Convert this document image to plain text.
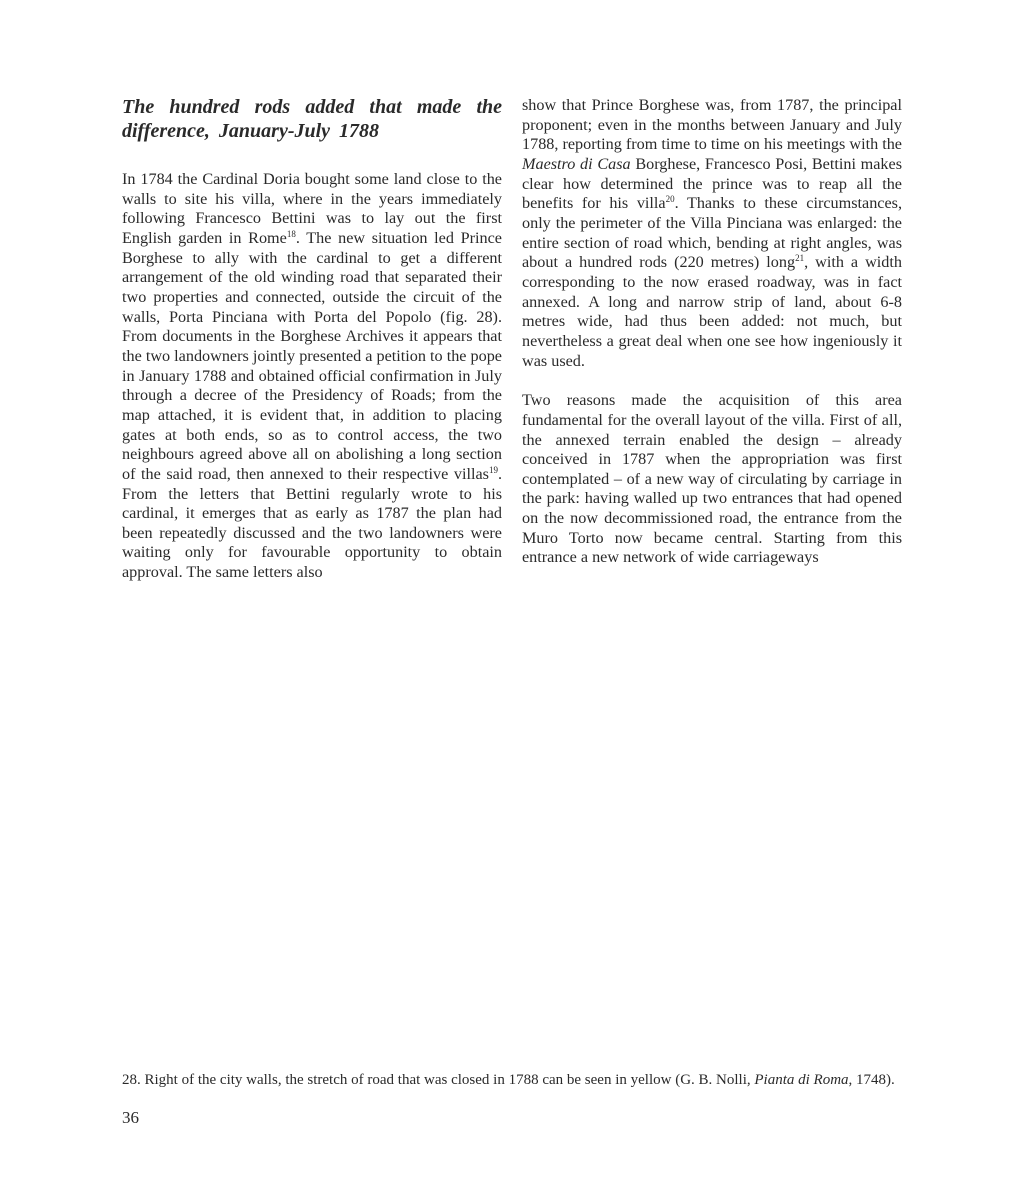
The hundred rods added that made the difference, January-July 1788

In 1784 the Cardinal Doria bought some land close to the walls to site his villa, where in the years immediately following Francesco Bettini was to lay out the first English garden in Rome$^{18}$. The new situation led Prince Borghese to ally with the cardinal to get a different arrangement of the old winding road that separated their two properties and connected, outside the circuit of the walls, Porta Pinciana with Porta del Popolo (fig. 28). From documents in the Borghese Archives it appears that the two landowners jointly presented a petition to the pope in January 1788 and obtained official confirmation in July through a decree of the Presidency of Roads; from the map attached, it is evident that, in addition to placing gates at both ends, so as to control access, the two neighbours agreed above all on abolishing a long section of the said road, then annexed to their respective villas$^{19}$. From the letters that Bettini regularly wrote to his cardinal, it emerges that as early as 1787 the plan had been repeatedly discussed and the two landowners were waiting only for favourable opportunity to obtain approval. The same letters also

show that Prince Borghese was, from 1787, the principal proponent; even in the months between January and July 1788, reporting from time to time on his meetings with the Maestro di Casa Borghese, Francesco Posi, Bettini makes clear how determined the prince was to reap all the benefits for his villa$^{20}$. Thanks to these circumstances, only the perimeter of the Villa Pinciana was enlarged: the entire section of road which, bending at right angles, was about a hundred rods (220 metres) long$^{21}$, with a width corresponding to the now erased roadway, was in fact annexed. A long and narrow strip of land, about 6-8 metres wide, had thus been added: not much, but nevertheless a great deal when one see how ingeniously it was used.

Two reasons made the acquisition of this area fundamental for the overall layout of the villa. First of all, the annexed terrain enabled the design – already conceived in 1787 when the appropriation was first contemplated – of a new way of circulating by carriage in the park: having walled up two entrances that had opened on the now decommissioned road, the entrance from the Muro Torto now became central. Starting from this entrance a new network of wide carriageways

28. Right of the city walls, the stretch of road that was closed in 1788 can be seen in yellow (G. B. Nolli, Pianta di Roma, 1748).
36
